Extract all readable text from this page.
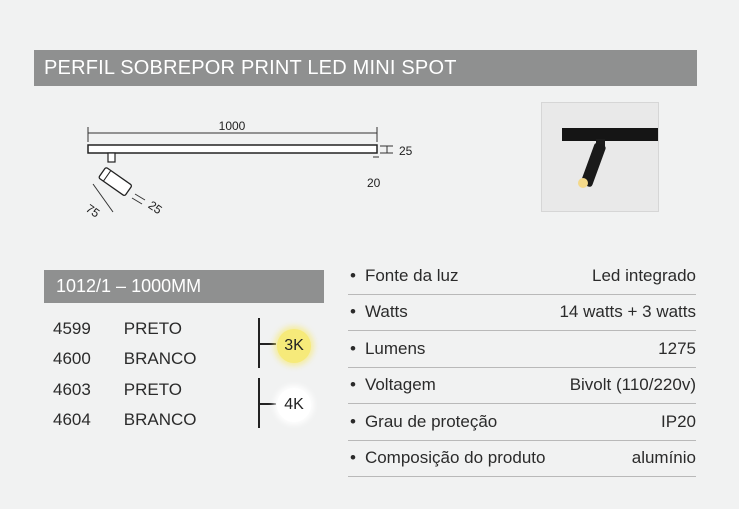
PERFIL SOBREPOR PRINT LED MINI SPOT
1000
25
20
75	25
1012/1 – 1000MM
4599 PRETO
4600 BRANCO
4603 PRETO
4604 BRANCO
3K
4K
• Fonte da luz	Led integrado
• Watts	14 watts + 3 watts
• Lumens	1275
• Voltagem	Bivolt (110/220v)
• Grau de proteção	IP20
• Composição do produto	alumínio
